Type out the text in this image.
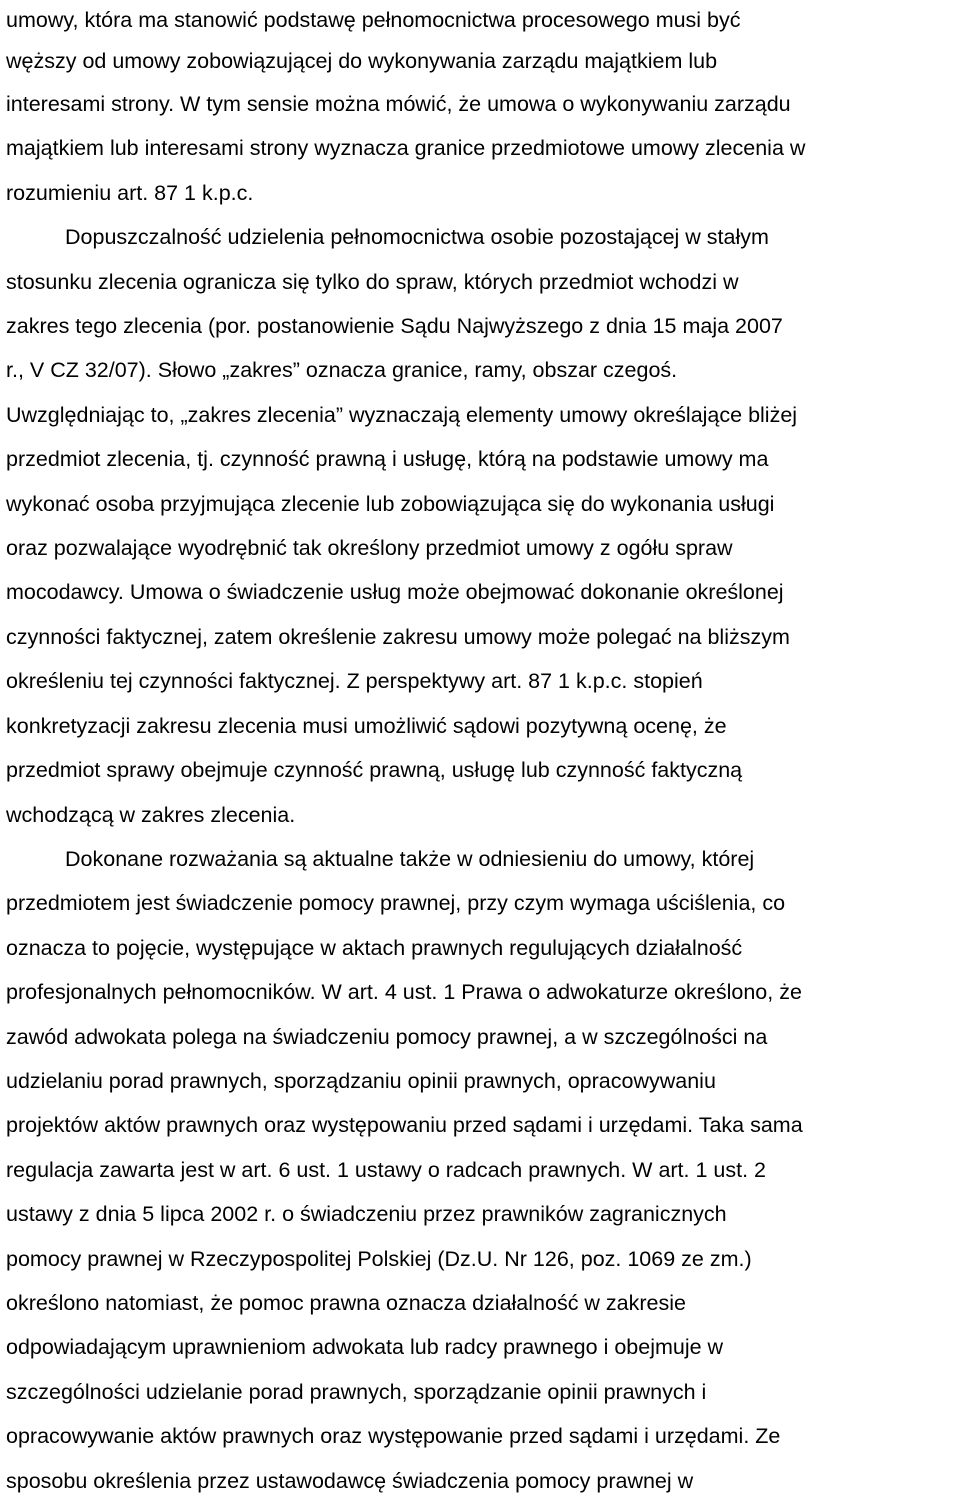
umowy, która ma stanowić podstawę pełnomocnictwa procesowego musi być
węższy od umowy zobowiązującej do wykonywania zarządu majątkiem lub
interesami strony. W tym sensie można mówić, że umowa o wykonywaniu zarządu
majątkiem lub interesami strony wyznacza granice przedmiotowe umowy zlecenia w
rozumieniu art. 87 1 k.p.c.

Dopuszczalność udzielenia pełnomocnictwa osobie pozostającej w stałym
stosunku zlecenia ogranicza się tylko do spraw, których przedmiot wchodzi w
zakres tego zlecenia (por. postanowienie Sądu Najwyższego z dnia 15 maja 2007
r., V CZ 32/07). Słowo „zakres” oznacza granice, ramy, obszar czegoś.
Uwzględniając to, „zakres zlecenia” wyznaczają elementy umowy określające bliżej
przedmiot zlecenia, tj. czynność prawną i usługę, którą na podstawie umowy ma
wykonać osoba przyjmująca zlecenie lub zobowiązująca się do wykonania usługi
oraz pozwalające wyodrębnić tak określony przedmiot umowy z ogółu spraw
mocodawcy. Umowa o świadczenie usług może obejmować dokonanie określonej
czynności faktycznej, zatem określenie zakresu umowy może polegać na bliższym
określeniu tej czynności faktycznej. Z perspektywy art. 87 1 k.p.c. stopień
konkretyzacji zakresu zlecenia musi umożliwić sądowi pozytywną ocenę, że
przedmiot sprawy obejmuje czynność prawną, usługę lub czynność faktyczną
wchodzącą w zakres zlecenia.

Dokonane rozważania są aktualne także w odniesieniu do umowy, której
przedmiotem jest świadczenie pomocy prawnej, przy czym wymaga uściślenia, co
oznacza to pojęcie, występujące w aktach prawnych regulujących działalność
profesjonalnych pełnomocników. W art. 4 ust. 1 Prawa o adwokaturze określono, że
zawód adwokata polega na świadczeniu pomocy prawnej, a w szczególności na
udzielaniu porad prawnych, sporządzaniu opinii prawnych, opracowywaniu
projektów aktów prawnych oraz występowaniu przed sądami i urzędami. Taka sama
regulacja zawarta jest w art. 6 ust. 1 ustawy o radcach prawnych. W art. 1 ust. 2
ustawy z dnia 5 lipca 2002 r. o świadczeniu przez prawników zagranicznych
pomocy prawnej w Rzeczypospolitej Polskiej (Dz.U. Nr 126, poz. 1069 ze zm.)
określono natomiast, że pomoc prawna oznacza działalność w zakresie
odpowiadającym uprawnieniom adwokata lub radcy prawnego i obejmuje w
szczególności udzielanie porad prawnych, sporządzanie opinii prawnych i
opracowywanie aktów prawnych oraz występowanie przed sądami i urzędami. Ze
sposobu określenia przez ustawodawcę świadczenia pomocy prawnej w
